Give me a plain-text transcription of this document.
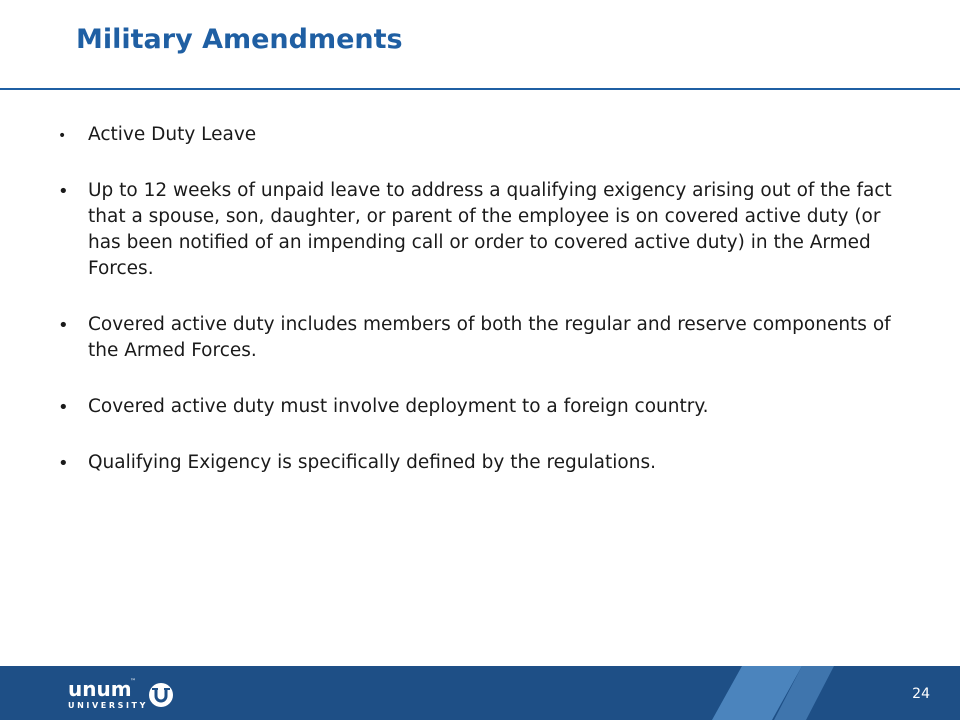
Military Amendments
• Active Duty Leave
• Up to 12 weeks of unpaid leave to address a qualifying exigency arising out of the fact that a spouse, son, daughter, or parent of the employee is on covered active duty (or has been notified of an impending call or order to covered active duty) in the Armed Forces.
• Covered active duty includes members of both the regular and reserve components of the Armed Forces.
• Covered active duty must involve deployment to a foreign country.
• Qualifying Exigency is specifically defined by the regulations.
unum
™
UNIVERSITY
24
